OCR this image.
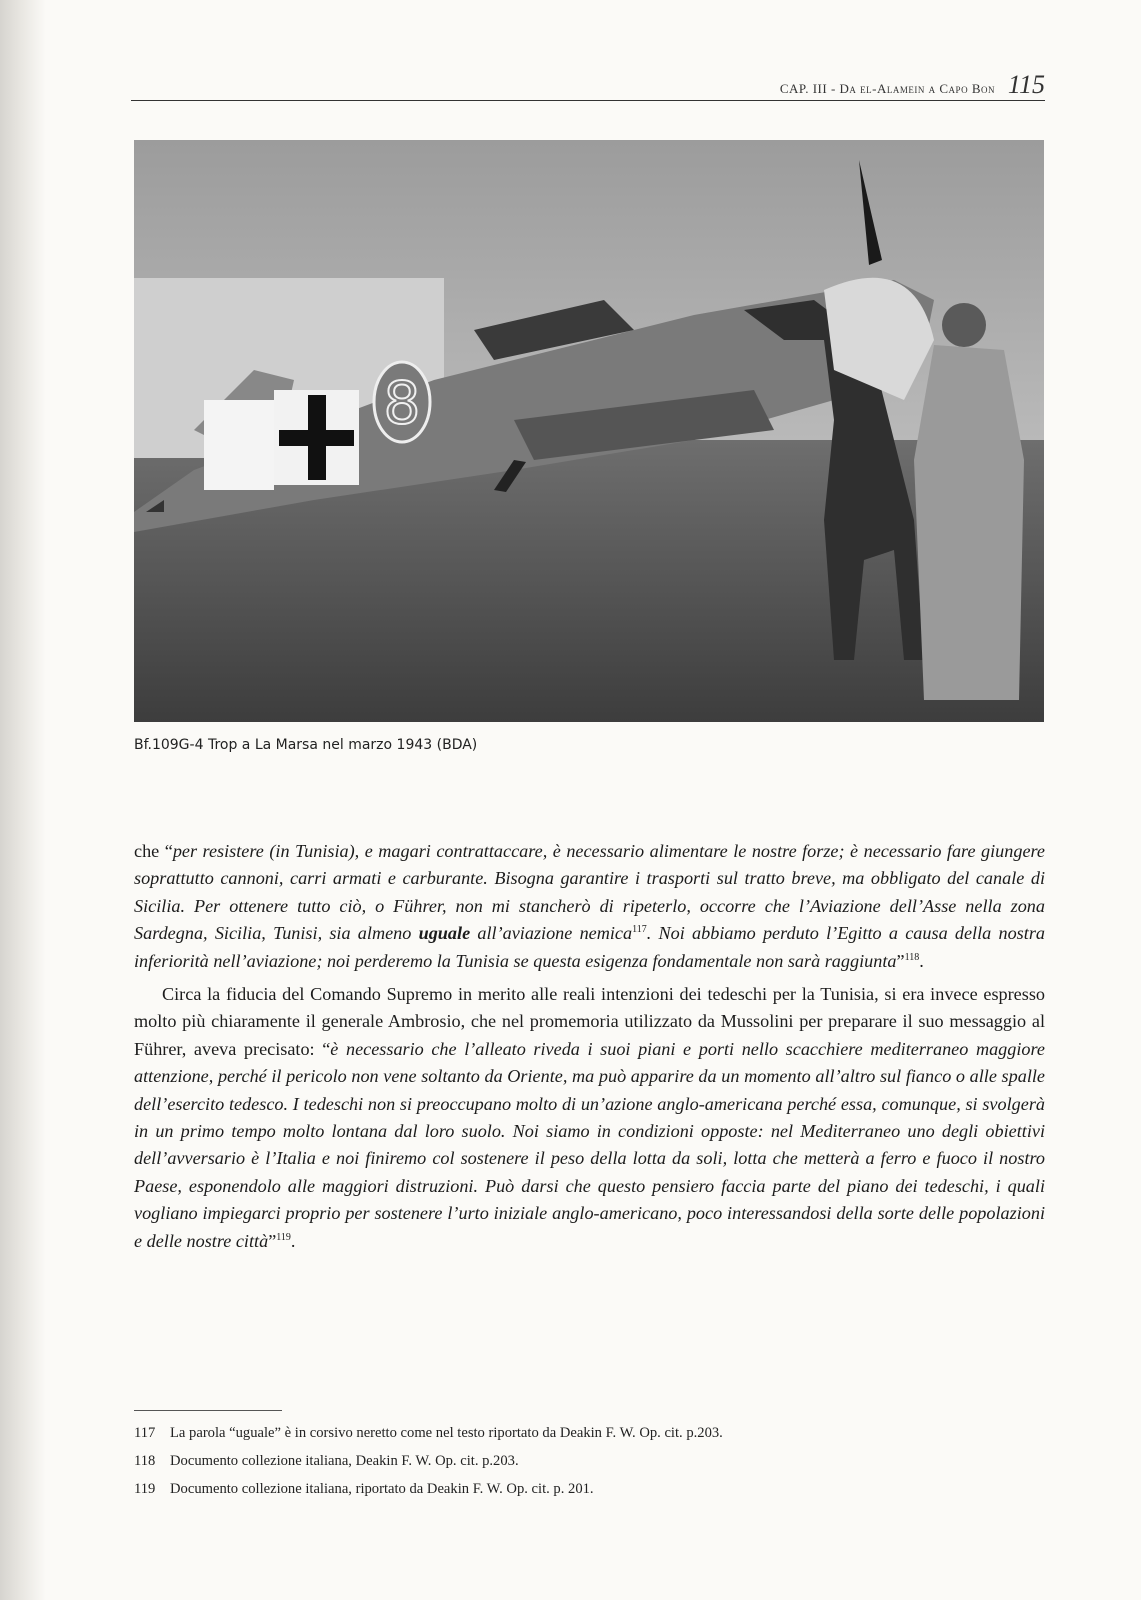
CAP. III - Da el-Alamein a Capo Bon 115
8
Bf.109G-4 Trop a La Marsa nel marzo 1943 (BDA)

che “per resistere (in Tunisia), e magari contrattaccare, è necessario alimentare le nostre forze; è necessario fare giungere soprattutto cannoni, carri armati e carburante. Bisogna garantire i trasporti sul tratto breve, ma obbligato del canale di Sicilia. Per ottenere tutto ciò, o Führer, non mi stancherò di ripeterlo, occorre che l’Aviazione dell’Asse nella zona Sardegna, Sicilia, Tunisi, sia almeno uguale all’aviazione nemica$^{117}$. Noi abbiamo perduto l’Egitto a causa della nostra inferiorità nell’aviazione; noi perderemo la Tunisia se questa esigenza fondamentale non sarà raggiunta”$^{118}$.

Circa la fiducia del Comando Supremo in merito alle reali intenzioni dei tedeschi per la Tunisia, si era invece espresso molto più chiaramente il generale Ambrosio, che nel promemoria utilizzato da Mussolini per preparare il suo messaggio al Führer, aveva precisato: “è necessario che l’alleato riveda i suoi piani e porti nello scacchiere mediterraneo maggiore attenzione, perché il pericolo non vene soltanto da Oriente, ma può apparire da un momento all’altro sul fianco o alle spalle dell’esercito tedesco. I tedeschi non si preoccupano molto di un’azione anglo-americana perché essa, comunque, si svolgerà in un primo tempo molto lontana dal loro suolo. Noi siamo in condizioni opposte: nel Mediterraneo uno degli obiettivi dell’avversario è l’Italia e noi finiremo col sostenere il peso della lotta da soli, lotta che metterà a ferro e fuoco il nostro Paese, esponendolo alle maggiori distruzioni. Può darsi che questo pensiero faccia parte del piano dei tedeschi, i quali vogliano impiegarci proprio per sostenere l’urto iniziale anglo-americano, poco interessandosi della sorte delle popolazioni e delle nostre città”$^{119}$.

117 La parola “uguale” è in corsivo neretto come nel testo riportato da Deakin F. W. Op. cit. p.203.
118 Documento collezione italiana, Deakin F. W. Op. cit. p.203.
119 Documento collezione italiana, riportato da Deakin F. W. Op. cit. p. 201.
